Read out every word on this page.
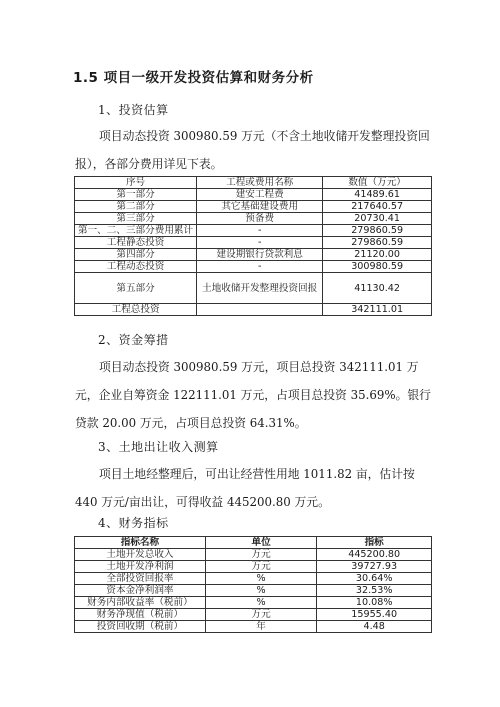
1.5 项目一级开发投资估算和财务分析
1、投资估算
项目动态投资 300980.59 万元（不含土地收储开发整理投资回报），各部分费用详见下表。
序号	工程或费用名称	数值（万元）
第一部分	建安工程费	41489.61
第二部分	其它基础建设费用	217640.57
第三部分	预备费	20730.41
第一、二、三部分费用累计	-	279860.59
工程静态投资	-	279860.59
第四部分	建设期银行贷款利息	21120.00
工程动态投资	-	300980.59
第五部分	土地收储开发整理投资回报	41130.42
工程总投资		342111.01
2、资金筹措
项目动态投资 300980.59 万元，项目总投资 342111.01 万元，企业自筹资金 122111.01 万元，占项目总投资 35.69%。银行贷款 20.00 万元，占项目总投资 64.31%。
3、土地出让收入测算
项目土地经整理后，可出让经营性用地 1011.82 亩，估计按 440 万元/亩出让，可得收益 445200.80 万元。
4、财务指标
指标名称	单位	指标
土地开发总收入	万元	445200.80
土地开发净利润	万元	39727.93
全部投资回报率	%	30.64%
资本金净利润率	%	32.53%
财务内部收益率（税前）	%	10.08%
财务净现值（税前）	万元	15955.40
投资回收期（税前）	年	4.48
